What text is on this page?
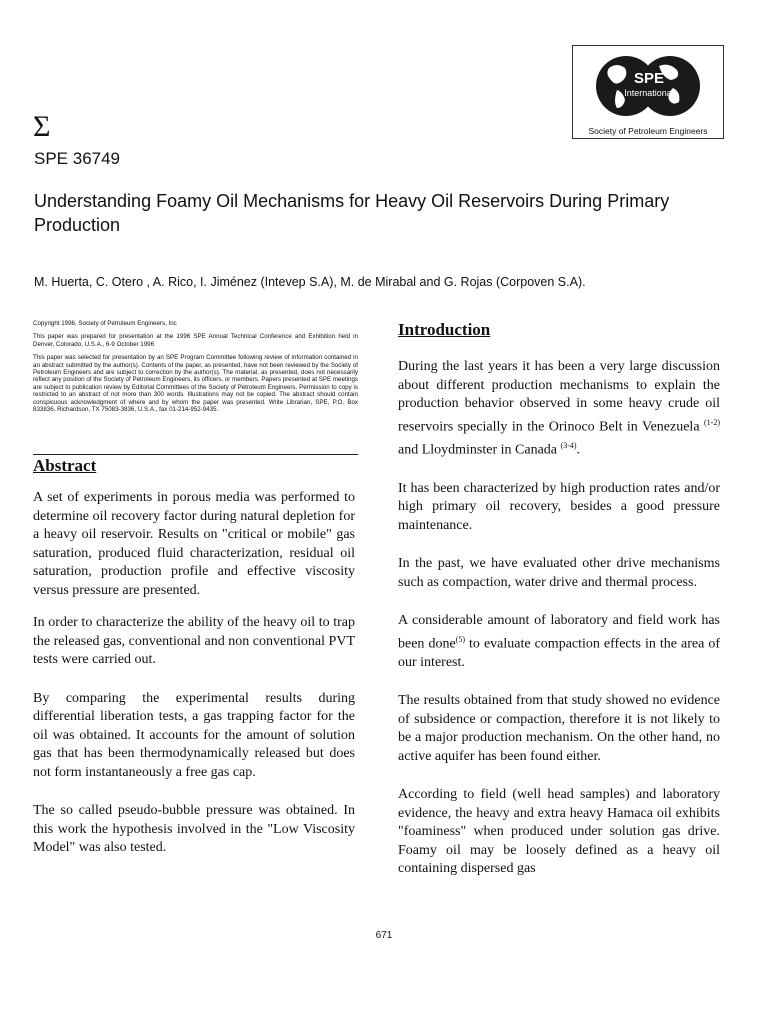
Σ
SPE 36749
Understanding Foamy Oil Mechanisms for Heavy Oil Reservoirs During Primary Production
M. Huerta, C. Otero , A. Rico, I. Jiménez (Intevep S.A), M. de Mirabal and G. Rojas (Corpoven S.A).
SPE
International
Society of Petroleum Engineers

Copyright 1996, Society of Petroleum Engineers, Inc

This paper was prepared for presentation at the 1996 SPE Annual Technical Conference and Exhibition held in Denver, Colorado, U.S.A., 6-9 October 1996

This paper was selected for presentation by an SPE Program Committee following review of information contained in an abstract submitted by the author(s). Contents of the paper, as presented, have not been reviewed by the Society of Petroleum Engineers and are subject to correction by the author(s). The material, as presented, does not necessarily reflect any position of the Society of Petroleum Engineers, its officers, or members. Papers presented at SPE meetings are subject to publication review by Editorial Committees of the Society of Petroleum Engineers. Permission to copy is restricted to an abstract of not more than 300 words. Illustrations may not be copied. The abstract should contain conspicuous acknowledgment of where and by whom the paper was presented. Write Librarian, SPE, P.O. Box 833836, Richardson, TX 75083-3836, U.S.A., fax 01-214-952-9435.

Abstract

A set of experiments in porous media was performed to determine oil recovery factor during natural depletion for a heavy oil reservoir. Results on "critical or mobile" gas saturation, produced fluid characterization, residual oil saturation, production profile and effective viscosity versus pressure are presented.

In order to characterize the ability of the heavy oil to trap the released gas, conventional and non conventional PVT tests were carried out.

By comparing the experimental results during differential liberation tests, a gas trapping factor for the oil was obtained. It accounts for the amount of solution gas that has been thermodynamically released but does not form instantaneously a free gas cap.

The so called pseudo-bubble pressure was obtained. In this work the hypothesis involved in the "Low Viscosity Model" was also tested.

Introduction

During the last years it has been a very large discussion about different production mechanisms to explain the production behavior observed in some heavy crude oil reservoirs specially in the Orinoco Belt in Venezuela $^{(1-2)}$ and Lloydminster in Canada $^{(3-4)}$.

It has been characterized by high production rates and/or high primary oil recovery, besides a good pressure maintenance.

In the past, we have evaluated other drive mechanisms such as compaction, water drive and thermal process.

A considerable amount of laboratory and field work has been done$^{(5)}$ to evaluate compaction effects in the area of our interest.

The results obtained from that study showed no evidence of subsidence or compaction, therefore it is not likely to be a major production mechanism. On the other hand, no active aquifer has been found either.

According to field (well head samples) and laboratory evidence, the heavy and extra heavy Hamaca oil exhibits "foaminess" when produced under solution gas drive. Foamy oil may be loosely defined as a heavy oil containing dispersed gas

671
